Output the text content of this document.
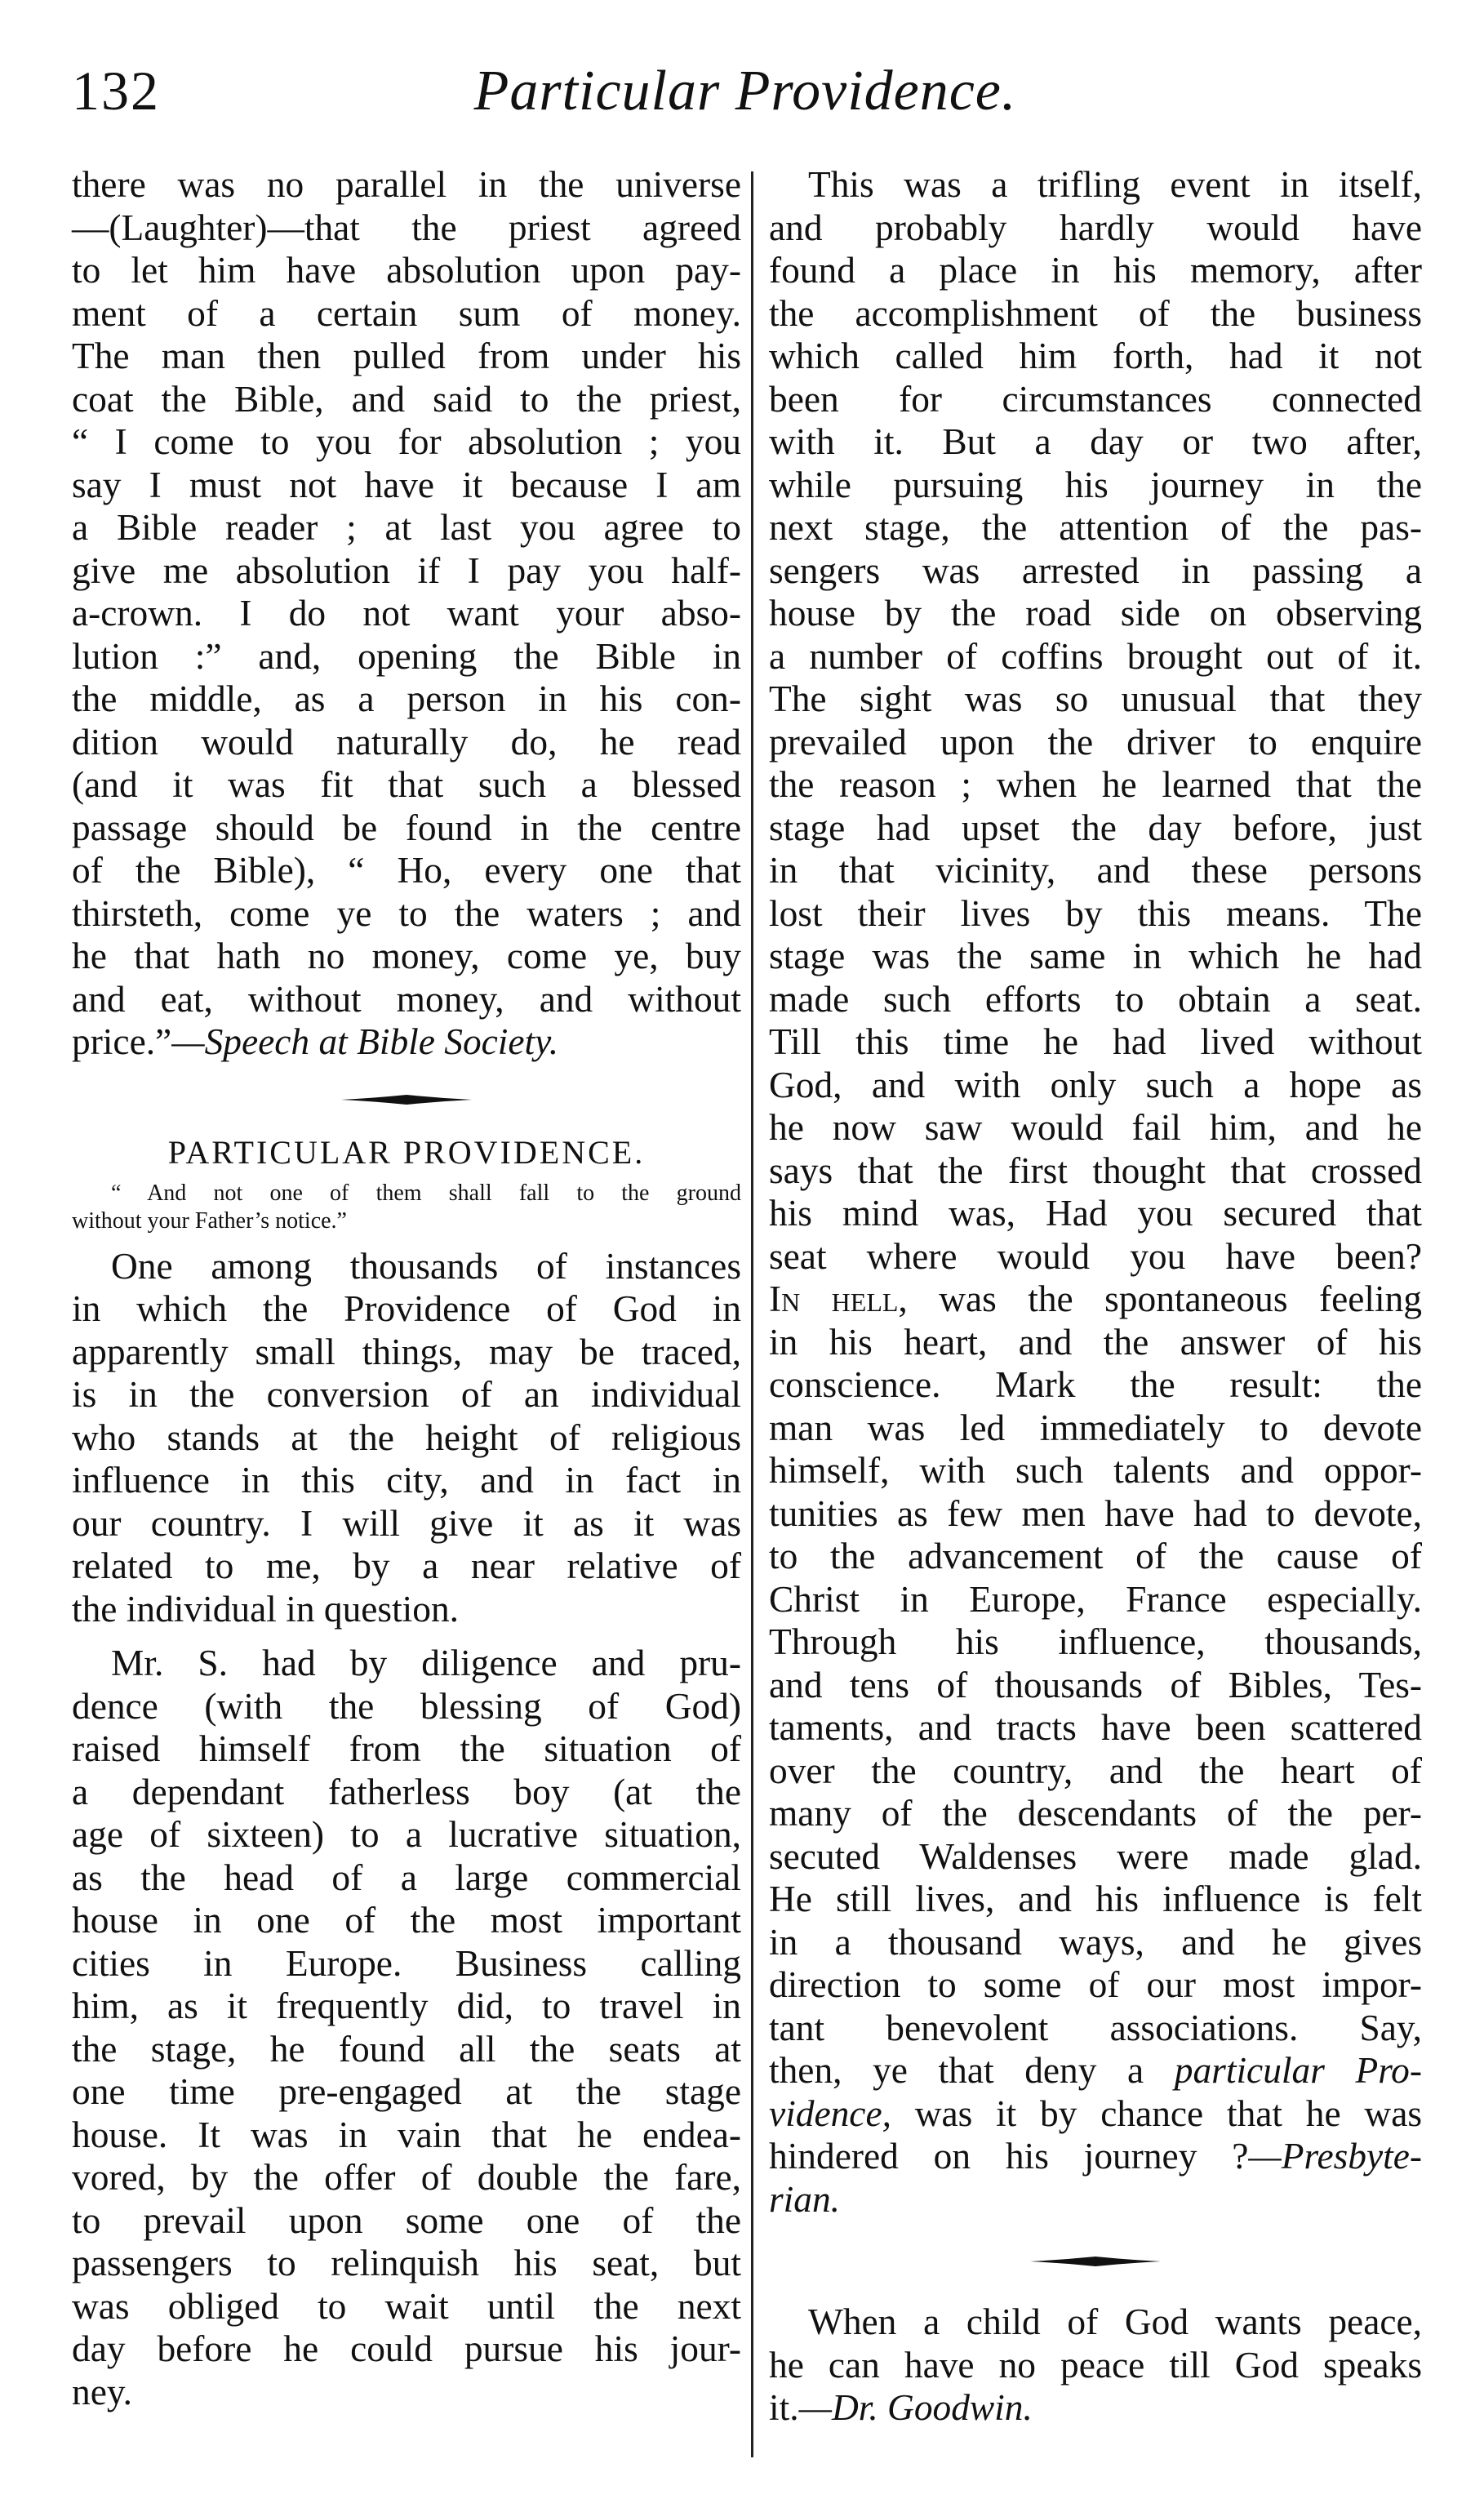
132	Particular Providence.
there was no parallel in the universe
—(Laughter)—that the priest agreed
to let him have absolution upon pay-
ment of a certain sum of money.
The man then pulled from under his
coat the Bible, and said to the priest,
“ I come to you for absolution ; you
say I must not have it because I am
a Bible reader ; at last you agree to
give me absolution if I pay you half-
a-crown. I do not want your abso-
lution :” and, opening the Bible in
the middle, as a person in his con-
dition would naturally do, he read
(and it was fit that such a blessed
passage should be found in the centre
of the Bible), “ Ho, every one that
thirsteth, come ye to the waters ; and
he that hath no money, come ye, buy
and eat, without money, and without
price.”—Speech at Bible Society.
PARTICULAR PROVIDENCE.
“ And not one of them shall fall to the ground
without your Father’s notice.”
One among thousands of instances
in which the Providence of God in
apparently small things, may be traced,
is in the conversion of an individual
who stands at the height of religious
influence in this city, and in fact in
our country. I will give it as it was
related to me, by a near relative of
the individual in question.
Mr. S. had by diligence and pru-
dence (with the blessing of God)
raised himself from the situation of
a dependant fatherless boy (at the
age of sixteen) to a lucrative situation,
as the head of a large commercial
house in one of the most important
cities in Europe. Business calling
him, as it frequently did, to travel in
the stage, he found all the seats at
one time pre-engaged at the stage
house. It was in vain that he endea-
vored, by the offer of double the fare,
to prevail upon some one of the
passengers to relinquish his seat, but
was obliged to wait until the next
day before he could pursue his jour-
ney.
This was a trifling event in itself,
and probably hardly would have
found a place in his memory, after
the accomplishment of the business
which called him forth, had it not
been for circumstances connected
with it. But a day or two after,
while pursuing his journey in the
next stage, the attention of the pas-
sengers was arrested in passing a
house by the road side on observing
a number of coffins brought out of it.
The sight was so unusual that they
prevailed upon the driver to enquire
the reason ; when he learned that the
stage had upset the day before, just
in that vicinity, and these persons
lost their lives by this means. The
stage was the same in which he had
made such efforts to obtain a seat.
Till this time he had lived without
God, and with only such a hope as
he now saw would fail him, and he
says that the first thought that crossed
his mind was, Had you secured that
seat where would you have been?
In hell, was the spontaneous feeling
in his heart, and the answer of his
conscience. Mark the result: the
man was led immediately to devote
himself, with such talents and oppor-
tunities as few men have had to devote,
to the advancement of the cause of
Christ in Europe, France especially.
Through his influence, thousands,
and tens of thousands of Bibles, Tes-
taments, and tracts have been scattered
over the country, and the heart of
many of the descendants of the per-
secuted Waldenses were made glad.
He still lives, and his influence is felt
in a thousand ways, and he gives
direction to some of our most impor-
tant benevolent associations. Say,
then, ye that deny a particular Pro-
vidence, was it by chance that he was
hindered on his journey ?—Presbyte-
rian.
When a child of God wants peace,
he can have no peace till God speaks
it.—Dr. Goodwin.
